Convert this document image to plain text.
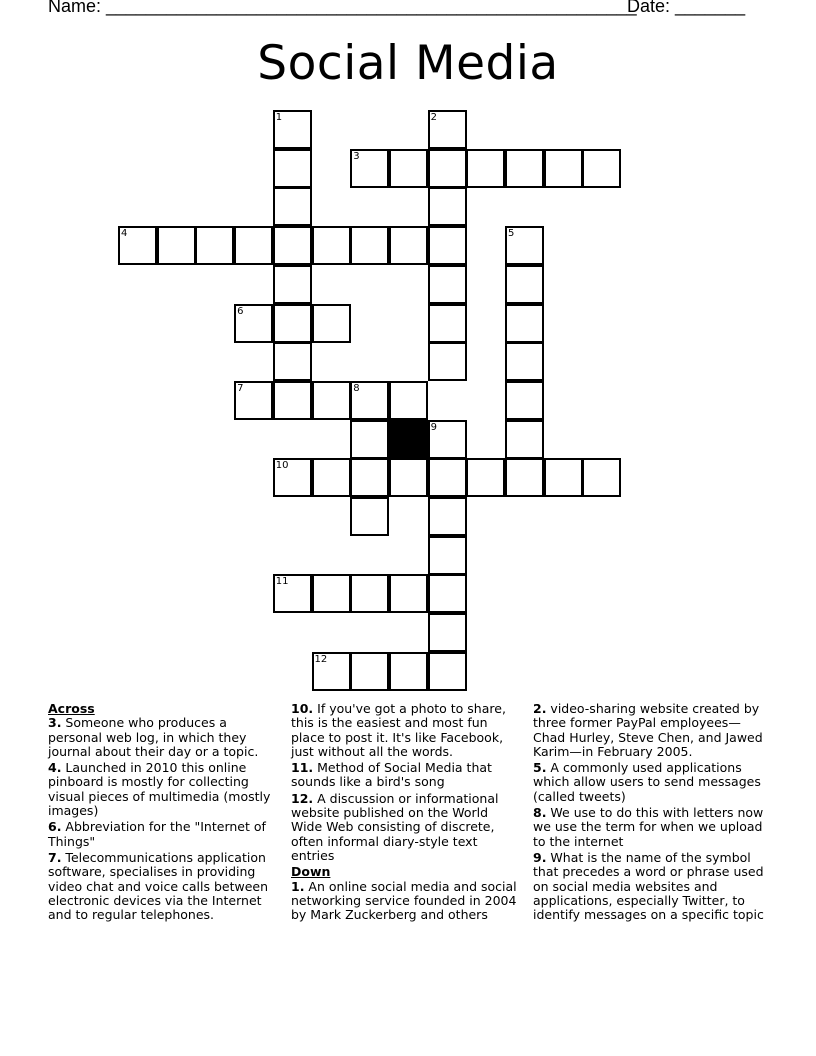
Name: _____________________________________________________
Date: _______
Social Media
1	2
3
4	5
6
7	8
9
10
11
12
Across
3. Someone who produces a personal web log, in which they journal about their day or a topic.
4. Launched in 2010 this online pinboard is mostly for collecting visual pieces of multimedia (mostly images)
6. Abbreviation for the "Internet of Things"
7. Telecommunications application software, specialises in providing video chat and voice calls between electronic devices via the Internet and to regular telephones.
10. If you've got a photo to share, this is the easiest and most fun place to post it. It's like Facebook, just without all the words.
11. Method of Social Media that sounds like a bird's song
12. A discussion or informational website published on the World Wide Web consisting of discrete, often informal diary-style text entries
Down
1. An online social media and social networking service founded in 2004 by Mark Zuckerberg and others
2. video-sharing website created by three former PayPal employees—Chad Hurley, Steve Chen, and Jawed Karim—in February 2005.
5. A commonly used applications which allow users to send messages (called tweets)
8. We use to do this with letters now we use the term for when we upload to the internet
9. What is the name of the symbol that precedes a word or phrase used on social media websites and applications, especially Twitter, to identify messages on a specific topic
